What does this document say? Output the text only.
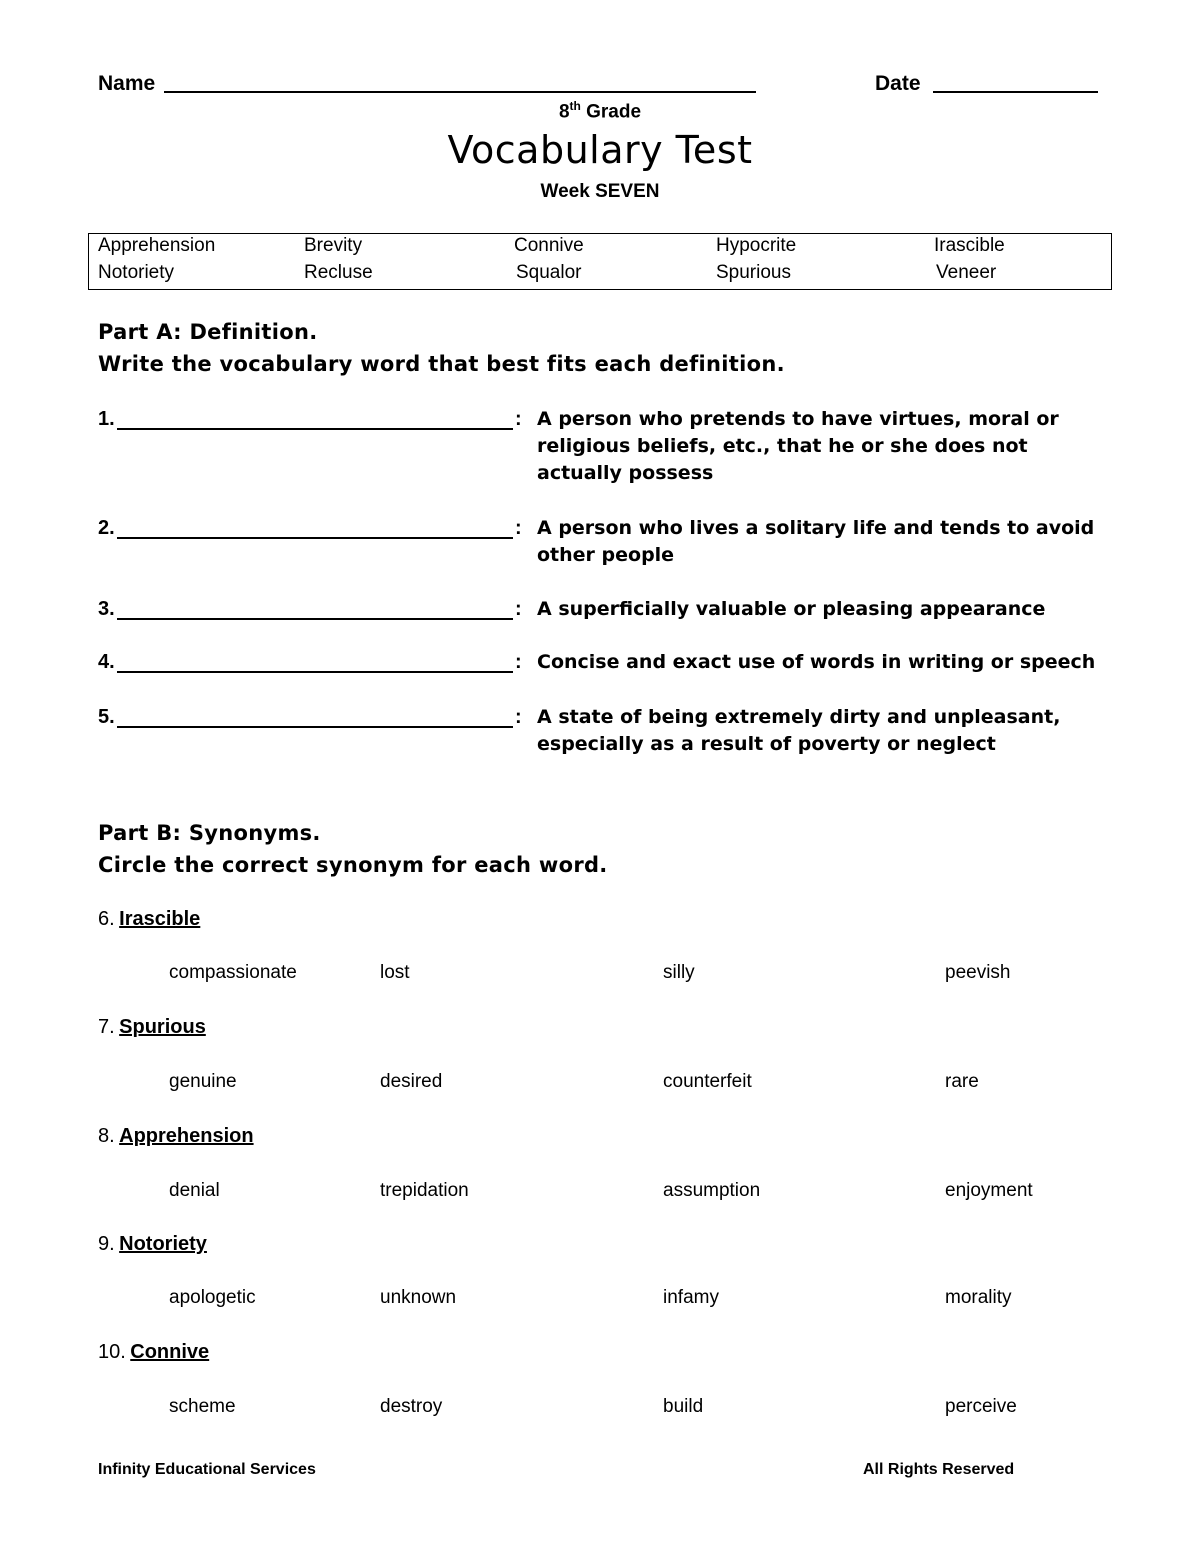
Name	Date
8th Grade
Vocabulary Test
Week SEVEN
Apprehension	Brevity	Connive	Hypocrite	Irascible
Notoriety	Recluse	Squalor	Spurious	Veneer
Part A: Definition.
Write the vocabulary word that best fits each definition.
1.	: A person who pretends to have virtues, moral or religious beliefs, etc., that he or she does not actually possess
2.	: A person who lives a solitary life and tends to avoid other people
3.	: A superficially valuable or pleasing appearance
4.	: Concise and exact use of words in writing or speech
5.	: A state of being extremely dirty and unpleasant, especially as a result of poverty or neglect
Part B: Synonyms.
Circle the correct synonym for each word.
6. Irascible
compassionate	lost	silly	peevish
7. Spurious
genuine	desired	counterfeit	rare
8. Apprehension
denial	trepidation	assumption	enjoyment
9. Notoriety
apologetic	unknown	infamy	morality
10. Connive
scheme	destroy	build	perceive
Infinity Educational Services	All Rights Reserved
